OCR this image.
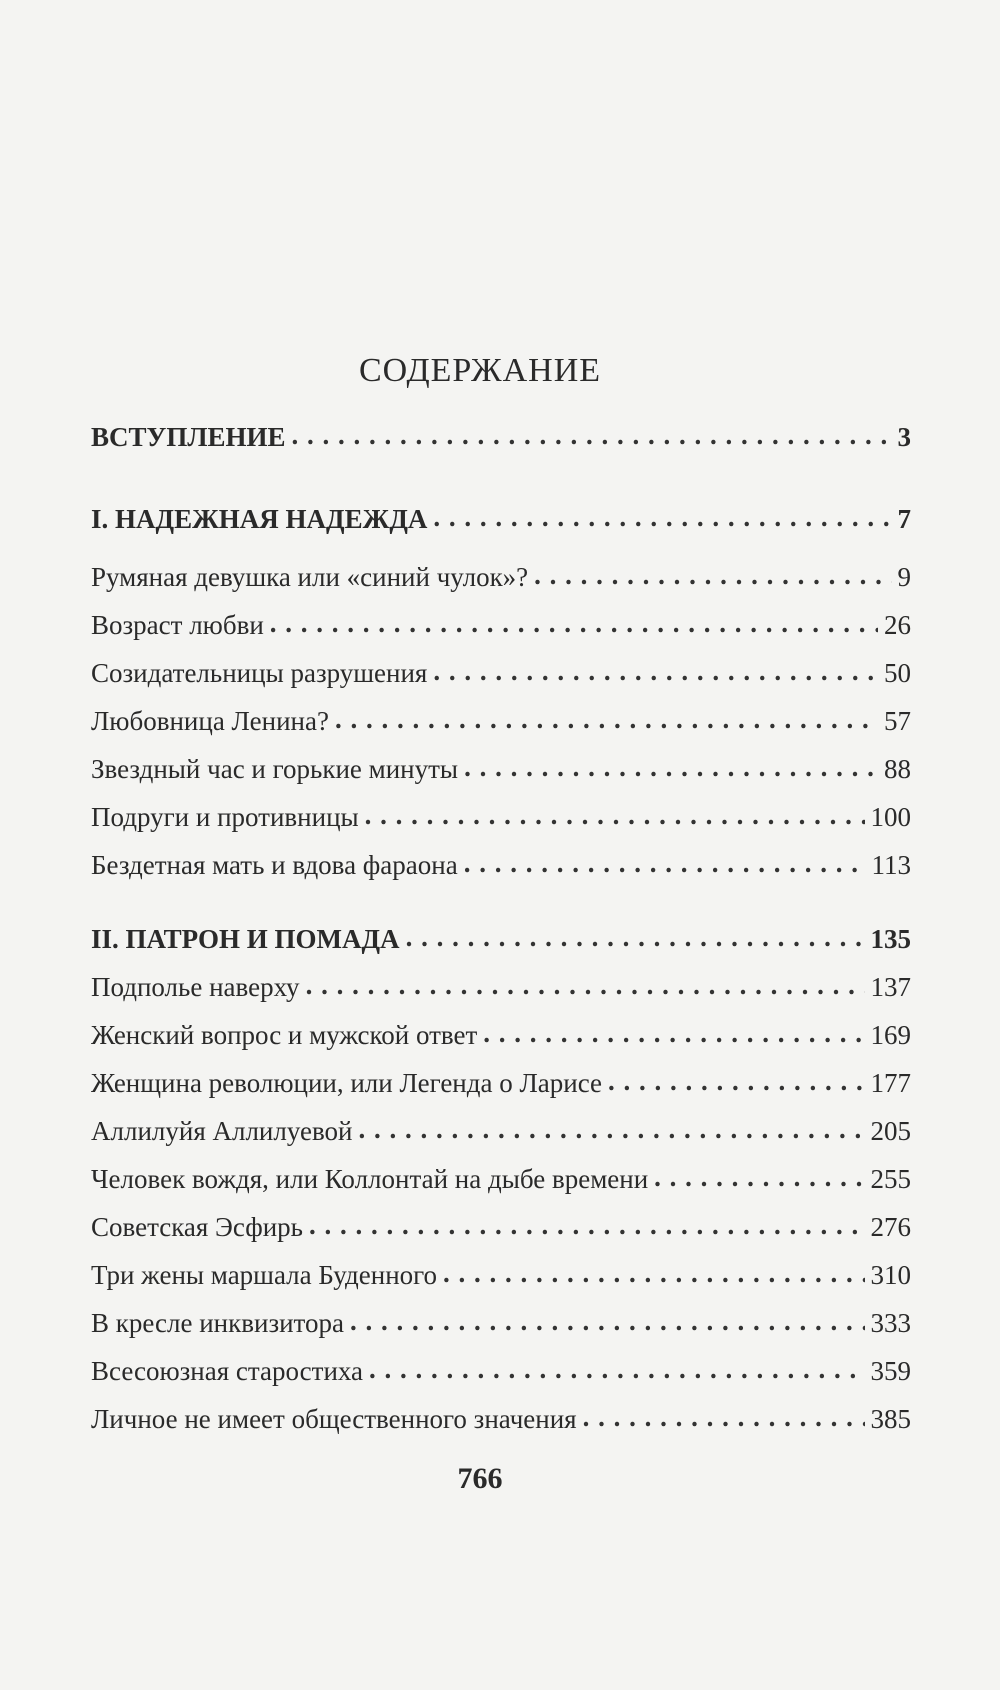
СОДЕРЖАНИЕ
ВСТУПЛЕНИЕ . . .	3
I. НАДЕЖНАЯ НАДЕЖДА . . .	7
Румяная девушка или «синий чулок»? . . .	9
Возраст любви . . .	26
Созидательницы разрушения . . .	50
Любовница Ленина? . . .	57
Звездный час и горькие минуты . . .	88
Подруги и противницы . . .	100
Бездетная мать и вдова фараона . . .	113
II. ПАТРОН И ПОМАДА . . .	135
Подполье наверху . . .	137
Женский вопрос и мужской ответ . . .	169
Женщина революции, или Легенда о Ларисе . . .	177
Аллилуйя Аллилуевой . . .	205
Человек вождя, или Коллонтай на дыбе времени . . .	255
Советская Эсфирь . . .	276
Три жены маршала Буденного . . .	310
В кресле инквизитора . . .	333
Всесоюзная старостиха . . .	359
Личное не имеет общественного значения . . .	385
766
